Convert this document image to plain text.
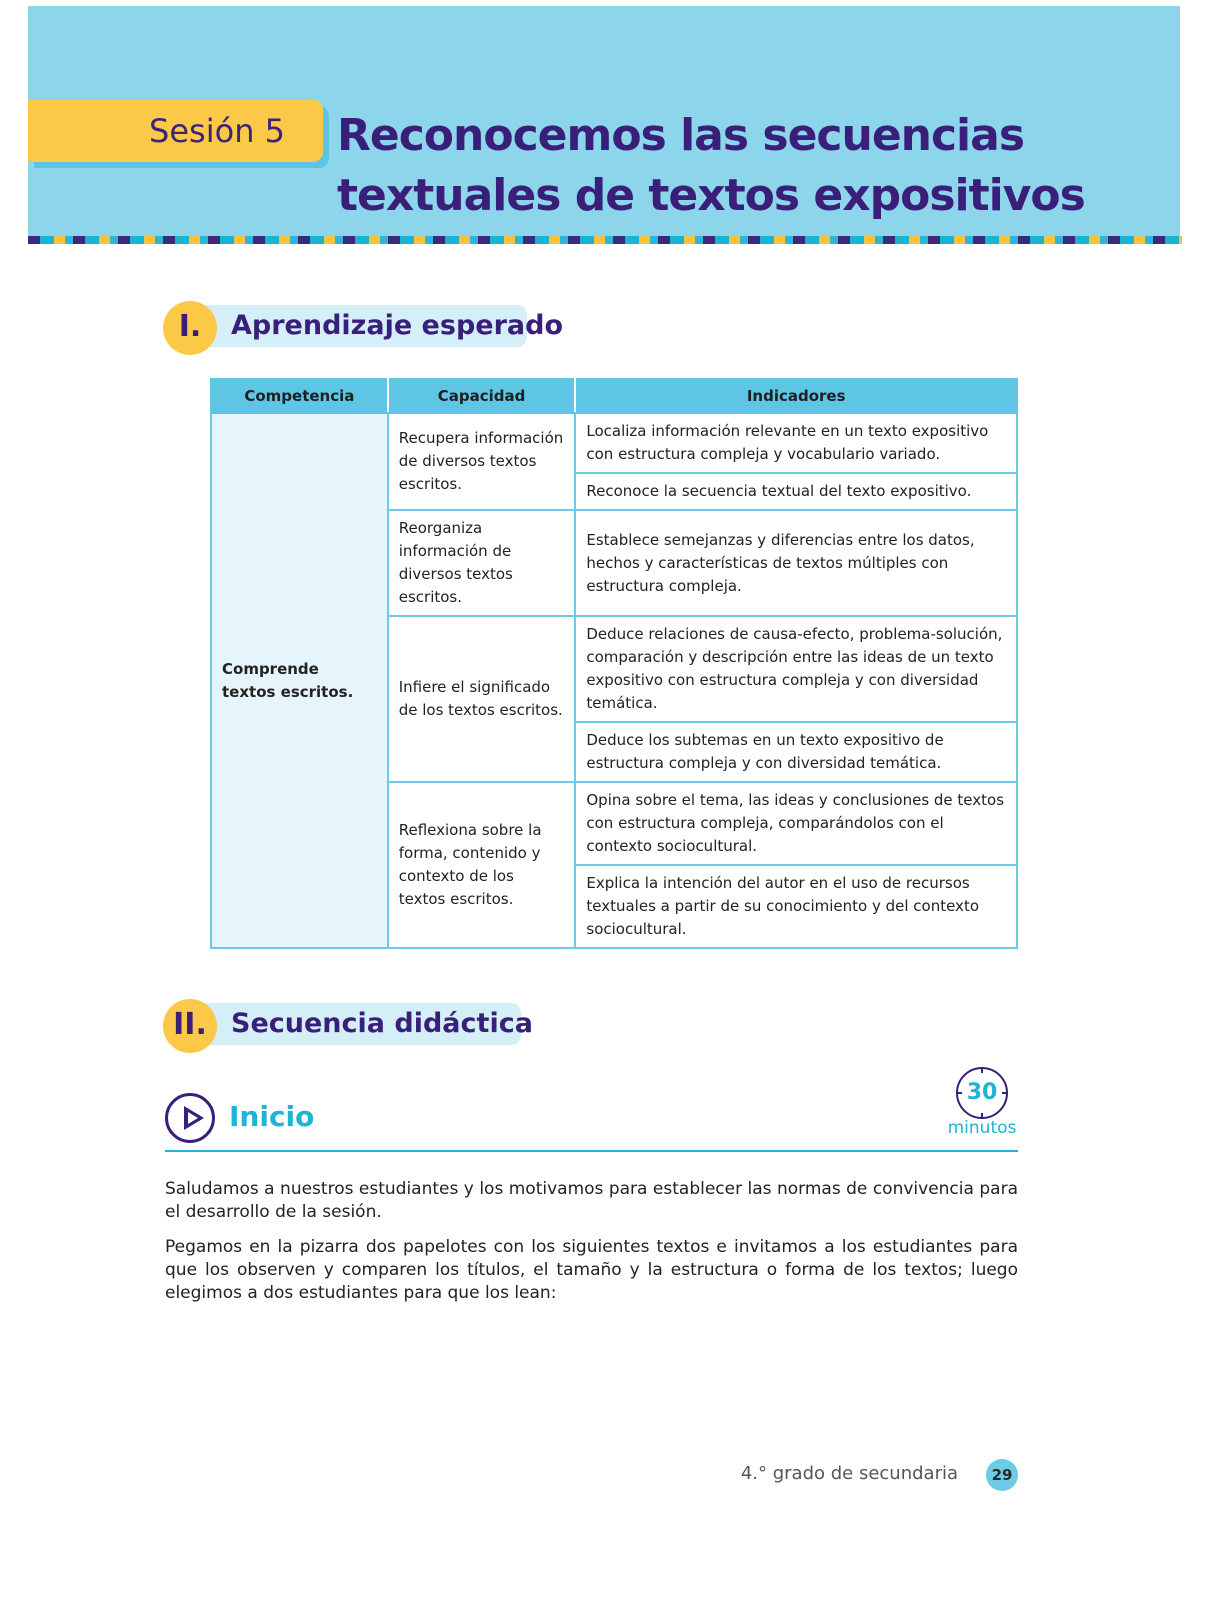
Sesión 5 Reconocemos las secuencias
textuales de textos expositivos
Aprendizaje esperado
I.
Competencia	Capacidad	Indicadores
Comprende textos escritos.	Recupera información de diversos textos escritos.	Localiza información relevante en un texto expositivo con estructura compleja y vocabulario variado.
		Reconoce la secuencia textual del texto expositivo.
	Reorganiza información de diversos textos escritos.	Establece semejanzas y diferencias entre los datos, hechos y características de textos múltiples con estructura compleja.
	Infiere el significado de los textos escritos.	Deduce relaciones de causa-efecto, problema-solución, comparación y descripción entre las ideas de un texto expositivo con estructura compleja y con diversidad temática.
		Deduce los subtemas en un texto expositivo de estructura compleja y con diversidad temática.
	Reflexiona sobre la forma, contenido y contexto de los textos escritos.	Opina sobre el tema, las ideas y conclusiones de textos con estructura compleja, comparándolos con el contexto sociocultural.
		Explica la intención del autor en el uso de recursos textuales a partir de su conocimiento y del contexto sociocultural.
Secuencia didáctica
II.
Inicio
30
minutos

Saludamos a nuestros estudiantes y los motivamos para establecer las normas de convivencia para el desarrollo de la sesión.

Pegamos en la pizarra dos papelotes con los siguientes textos e invitamos a los estudiantes para que los observen y comparen los títulos, el tamaño y la estructura o forma de los textos; luego elegimos a dos estudiantes para que los lean:

4.° grado de secundaria	29
